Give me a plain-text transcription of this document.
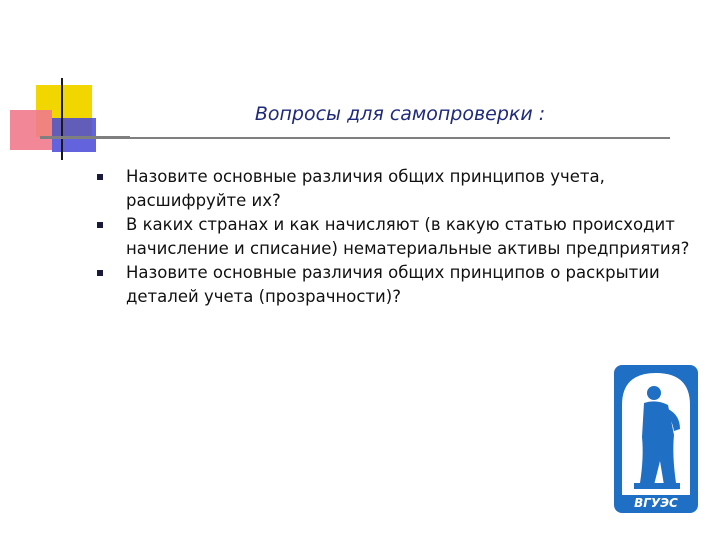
Вопросы для самопроверки :
Назовите основные различия общих принципов учета, расшифруйте их?
В каких странах и как начисляют (в какую статью происходит начисление и списание) нематериальные активы предприятия?
Назовите основные различия общих принципов о раскрытии деталей учета (прозрачности)?
ВГУЭС
